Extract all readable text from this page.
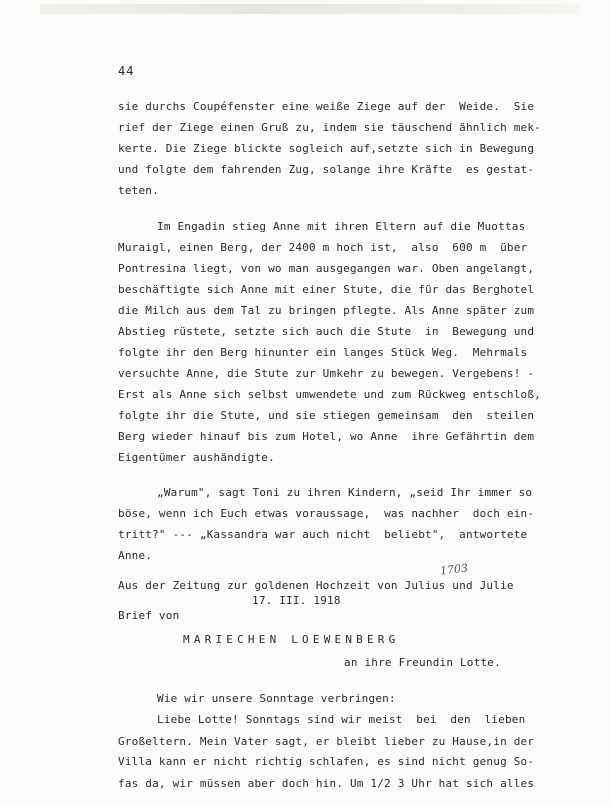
44
sie durchs Coupéfenster eine weiße Ziege auf der  Weide.  Sie
rief der Ziege einen Gruß zu, indem sie täuschend ähnlich mek-
kerte. Die Ziege blickte sogleich auf,setzte sich in Bewegung
und folgte dem fahrenden Zug, solange ihre Kräfte  es gestat-
teten.
Im Engadin stieg Anne mit ihren Eltern auf die Muottas
Muraigl, einen Berg, der 2400 m hoch ist,  also  600 m  über
Pontresina liegt, von wo man ausgegangen war. Oben angelangt,
beschäftigte sich Anne mit einer Stute, die für das Berghotel
die Milch aus dem Tal zu bringen pflegte. Als Anne später zum
Abstieg rüstete, setzte sich auch die Stute  in  Bewegung und
folgte ihr den Berg hinunter ein langes Stück Weg.  Mehrmals
versuchte Anne, die Stute zur Umkehr zu bewegen. Vergebens! -
Erst als Anne sich selbst umwendete und zum Rückweg entschloß,
folgte ihr die Stute, und sie stiegen gemeinsam  den  steilen
Berg wieder hinauf bis zum Hotel, wo Anne  ihre Gefährtin dem
Eigentümer aushändigte.
„Warum", sagt Toni zu ihren Kindern, „seid Ihr immer so
böse, wenn ich Euch etwas voraussage,  was nachher  doch ein-
tritt?" --- „Kassandra war auch nicht  beliebt",  antwortete
Anne.
Aus der Zeitung zur goldenen Hochzeit von Julius und Julie
17. III. 1918
Brief von
MARIECHEN LOEWENBERG
an ihre Freundin Lotte.
Wie wir unsere Sonntage verbringen:
Liebe Lotte! Sonntags sind wir meist  bei  den  lieben
Großeltern. Mein Vater sagt, er bleibt lieber zu Hause,in der
Villa kann er nicht richtig schlafen, es sind nicht genug So-
fas da, wir müssen aber doch hin. Um 1/2 3 Uhr hat sich alles
1703
